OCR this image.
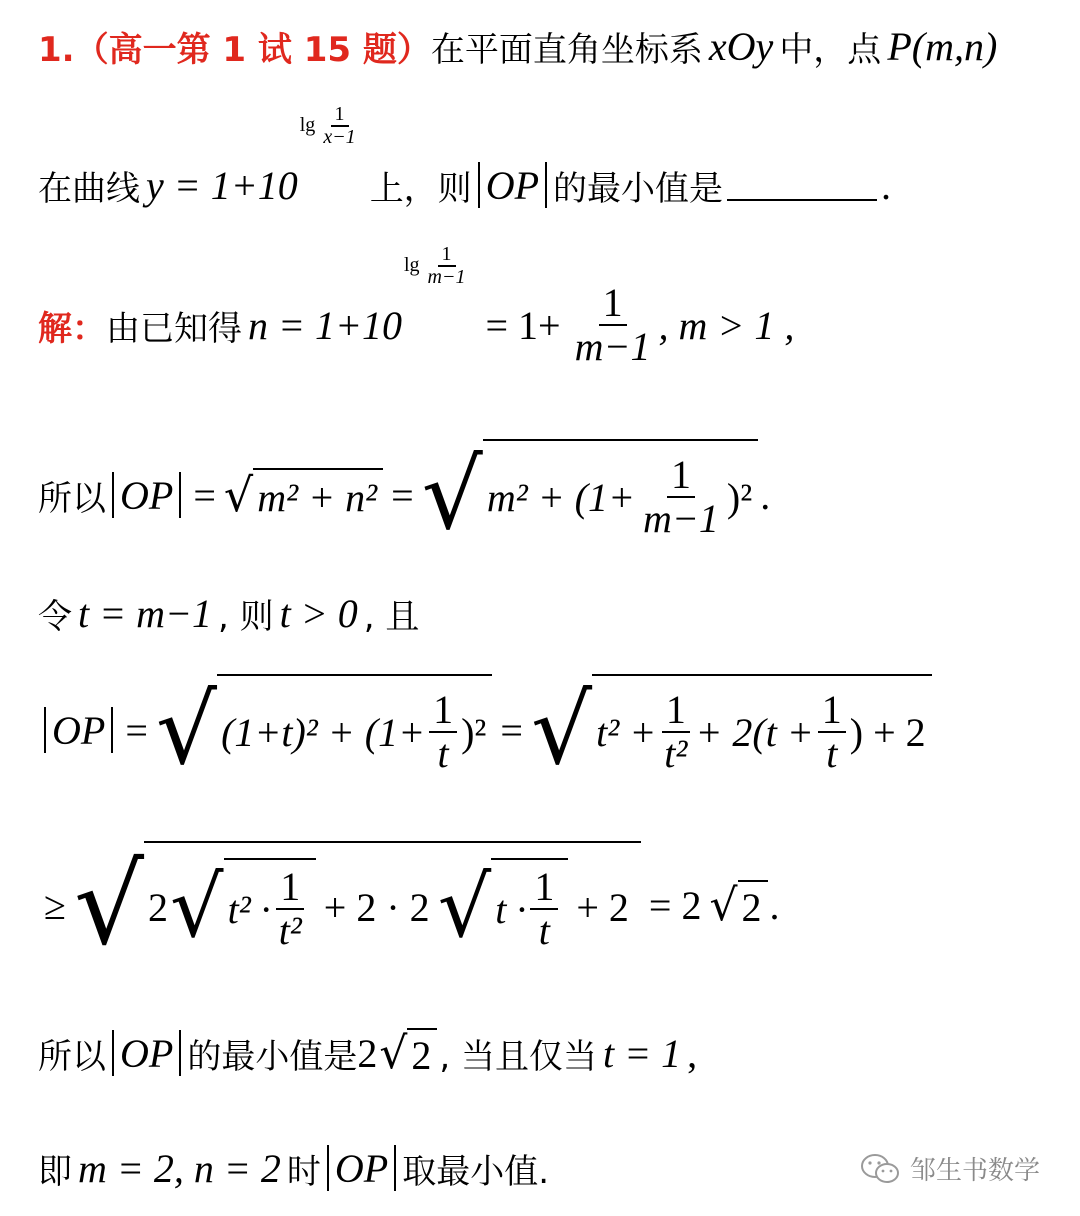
1.（高一第 1 试 15 题） 在平面直角坐标系 xOy 中，点 P(m,n)
在曲线 y = 1+10
$\lg \frac{1}{x-1}$
上，则 OP 的最小值是	.
解： 由已知得 n = 1+10
$\lg \frac{1}{m-1}$
= $1+ \frac{1}{m-1}$ , m > 1 ,
所以 OP = √ m² + n² = √ $m^2 + (1+ \frac{1}{m-1} )^2$ .
令 t = m−1 , 则 t > 0 , 且
OP = √ $(1+t)^2 + (1+ \frac{1}{t} )^2$ = √ $t^2 + \frac{1}{\text{t²}} + 2(t + \frac{1}{t}$ ) + 2
≥ √ 2 √ $t^2 \cdot \frac{1}{\text{t²}} + 2 \cdot 2$ √ $t \cdot \frac{1}{t} + 2 = 2$ √ 2 .
所以 OP 的最小值是 2 √ 2 , 当且仅当 t = 1 ,
即 m = 2, n = 2 时 OP 取最小值.	邹生书数学
